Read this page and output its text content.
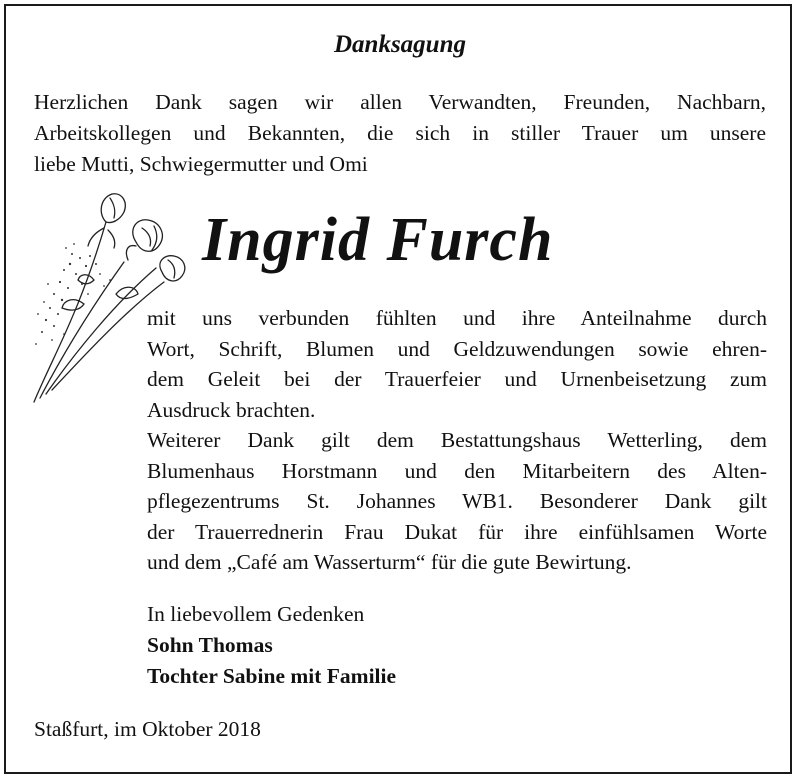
Danksagung
Herzlichen Dank sagen wir allen Verwandten, Freunden, Nachbarn,
Arbeitskollegen und Bekannten, die sich in stiller Trauer um unsere
liebe Mutti, Schwiegermutter und Omi
Ingrid Furch
mit uns verbunden fühlten und ihre Anteilnahme durch
Wort, Schrift, Blumen und Geldzuwendungen sowie ehren-
dem Geleit bei der Trauerfeier und Urnenbeisetzung zum
Ausdruck brachten.
Weiterer Dank gilt dem Bestattungshaus Wetterling, dem
Blumenhaus Horstmann und den Mitarbeitern des Alten-
pflegezentrums St. Johannes WB1. Besonderer Dank gilt
der Trauerrednerin Frau Dukat für ihre einfühlsamen Worte
und dem „Café am Wasserturm“ für die gute Bewirtung.
In liebevollem Gedenken
Sohn Thomas
Tochter Sabine mit Familie
Staßfurt, im Oktober 2018
